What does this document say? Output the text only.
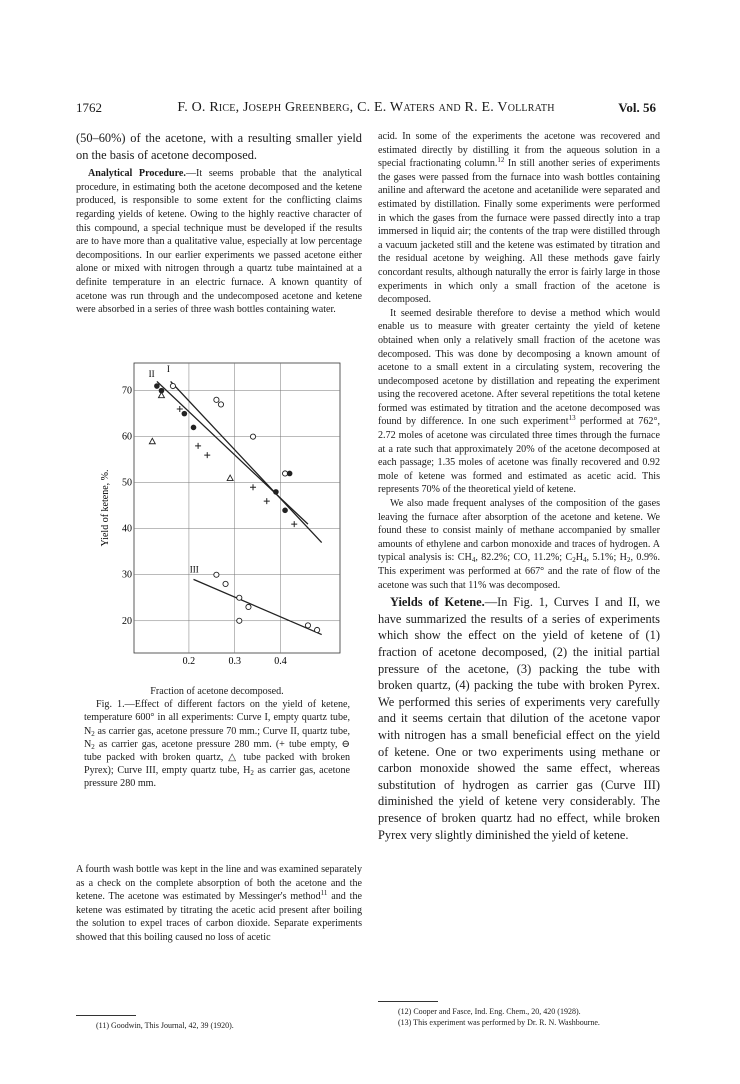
1762	F. O. Rice, Joseph Greenberg, C. E. Waters and R. E. Vollrath	Vol. 56

(50–60%) of the acetone, with a resulting smaller yield on the basis of acetone decomposed.

Analytical Procedure.—It seems probable that the analytical procedure, in estimating both the acetone decomposed and the ketene produced, is responsible to some extent for the conflicting claims regarding yields of ketene. Owing to the highly reactive character of this compound, a special technique must be developed if the results are to have more than a qualitative value, especially at low percentage decompositions. In our earlier experiments we passed acetone either alone or mixed with nitrogen through a quartz tube maintained at a definite temperature in an electric furnace. A known quantity of acetone was run through and the undecomposed acetone and ketene were absorbed in a series of three wash bottles containing water.

20
30
40
50
60
70
0.2	0.3	0.4
Yield of ketene, %.
I
II
III

Fraction of acetone decomposed.

Fig. 1.—Effect of different factors on the yield of ketene, temperature 600° in all experiments: Curve I, empty quartz tube, $N_2$ as carrier gas, acetone pressure 70 mm.; Curve II, quartz tube, $N_2$ as carrier gas, acetone pressure 280 mm. (+ tube empty, ⊖ tube packed with broken quartz, △ tube packed with broken Pyrex); Curve III, empty quartz tube, $H_2$ as carrier gas, acetone pressure 280 mm.

A fourth wash bottle was kept in the line and was examined separately as a check on the complete absorption of both the acetone and the ketene. The acetone was estimated by Messinger's method$^{11}$ and the ketene was estimated by titrating the acetic acid present after boiling the solution to expel traces of carbon dioxide. Separate experiments showed that this boiling caused no loss of acetic

(11) Goodwin, This Journal, 42, 39 (1920).

acid. In some of the experiments the acetone was recovered and estimated directly by distilling it from the aqueous solution in a special fractionating column.$^{12}$ In still another series of experiments the gases were passed from the furnace into wash bottles containing aniline and afterward the acetone and acetanilide were separated and estimated by distillation. Finally some experiments were performed in which the gases from the furnace were passed directly into a trap immersed in liquid air; the contents of the trap were distilled through a vacuum jacketed still and the ketene was estimated by titration and the residual acetone by weighing. All these methods gave fairly concordant results, although naturally the error is fairly large in those experiments in which only a small fraction of the acetone is decomposed.

It seemed desirable therefore to devise a method which would enable us to measure with greater certainty the yield of ketene obtained when only a relatively small fraction of the acetone was decomposed. This was done by decomposing a known amount of acetone to a small extent in a circulating system, recovering the undecomposed acetone by distillation and repeating the experiment using the recovered acetone. After several repetitions the total ketene formed was estimated by titration and the acetone decomposed was found by difference. In one such experiment$^{13}$ performed at 762°, 2.72 moles of acetone was circulated three times through the furnace at a rate such that approximately 20% of the acetone decomposed at each passage; 1.35 moles of acetone was finally recovered and 0.92 mole of ketene was formed and estimated as acetic acid. This represents 70% of the theoretical yield of ketene.

We also made frequent analyses of the composition of the gases leaving the furnace after absorption of the acetone and ketene. We found these to consist mainly of methane accompanied by smaller amounts of ethylene and carbon monoxide and traces of hydrogen. A typical analysis is: $CH_4$, 82.2%; CO, 11.2%; $C_2H_4$, 5.1%; $H_2$, 0.9%. This experiment was performed at 667° and the rate of flow of the acetone was such that 11% was decomposed.

Yields of Ketene.—In Fig. 1, Curves I and II, we have summarized the results of a series of experiments which show the effect on the yield of ketene of (1) fraction of acetone decomposed, (2) the initial partial pressure of the acetone, (3) packing the tube with broken quartz, (4) packing the tube with broken Pyrex. We performed this series of experiments very carefully and it seems certain that dilution of the acetone vapor with nitrogen has a small beneficial effect on the yield of ketene. One or two experiments using methane or carbon monoxide showed the same effect, whereas substitution of hydrogen as carrier gas (Curve III) diminished the yield of ketene very considerably. The presence of broken quartz had no effect, while broken Pyrex very slightly diminished the yield of ketene.

(12) Cooper and Fasce, Ind. Eng. Chem., 20, 420 (1928).
(13) This experiment was performed by Dr. R. N. Washbourne.
